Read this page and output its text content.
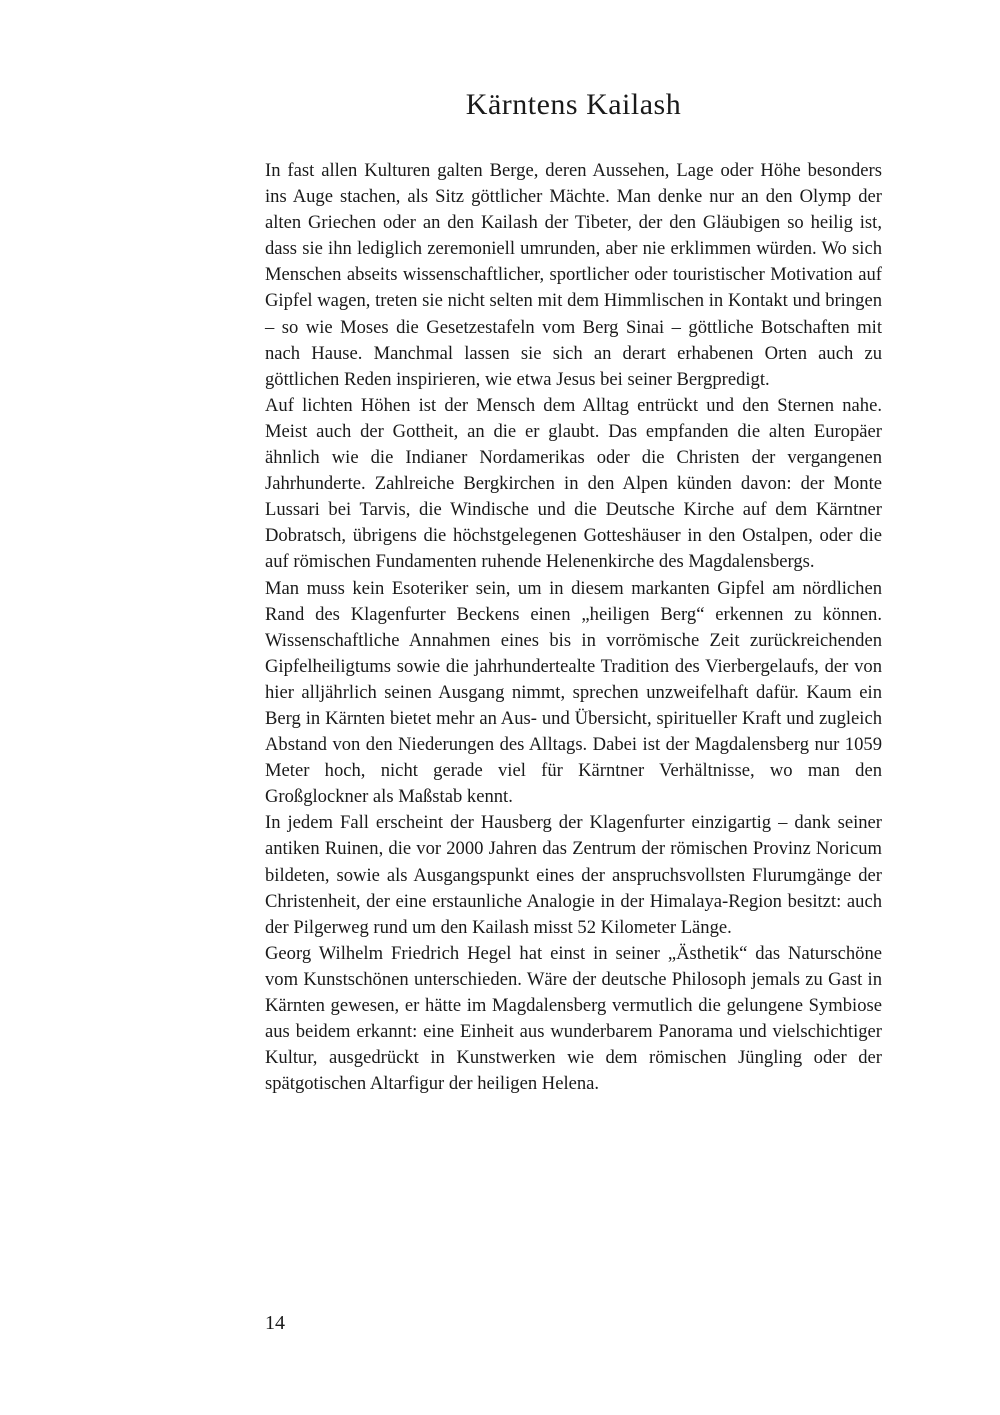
Kärntens Kailash

In fast allen Kulturen galten Berge, deren Aussehen, Lage oder Höhe besonders ins Auge stachen, als Sitz göttlicher Mächte. Man denke nur an den Olymp der alten Griechen oder an den Kailash der Tibeter, der den Gläubigen so heilig ist, dass sie ihn lediglich zeremoniell umrunden, aber nie erklimmen würden. Wo sich Menschen abseits wissenschaftlicher, sportlicher oder touristischer Motivation auf Gipfel wagen, treten sie nicht selten mit dem Himmlischen in Kontakt und bringen – so wie Moses die Gesetzestafeln vom Berg Sinai – göttliche Botschaften mit nach Hause. Manchmal lassen sie sich an derart erhabenen Orten auch zu göttlichen Reden inspirieren, wie etwa Jesus bei seiner Bergpredigt.

Auf lichten Höhen ist der Mensch dem Alltag entrückt und den Sternen nahe. Meist auch der Gottheit, an die er glaubt. Das empfanden die alten Europäer ähnlich wie die Indianer Nordamerikas oder die Christen der vergangenen Jahrhunderte. Zahlreiche Bergkirchen in den Alpen künden davon: der Monte Lussari bei Tarvis, die Windische und die Deutsche Kirche auf dem Kärntner Dobratsch, übrigens die höchstgelegenen Gotteshäuser in den Ostalpen, oder die auf römischen Fundamenten ruhende Helenenkirche des Magdalensbergs.

Man muss kein Esoteriker sein, um in diesem markanten Gipfel am nördlichen Rand des Klagenfurter Beckens einen „heiligen Berg“ erkennen zu können. Wissenschaftliche Annahmen eines bis in vorrömische Zeit zurückreichenden Gipfelheiligtums sowie die jahrhundertealte Tradition des Vierbergelaufs, der von hier alljährlich seinen Ausgang nimmt, sprechen unzweifelhaft dafür. Kaum ein Berg in Kärnten bietet mehr an Aus- und Übersicht, spiritueller Kraft und zugleich Abstand von den Niederungen des Alltags. Dabei ist der Magdalensberg nur 1059 Meter hoch, nicht gerade viel für Kärntner Verhältnisse, wo man den Großglockner als Maßstab kennt.

In jedem Fall erscheint der Hausberg der Klagenfurter einzigartig – dank seiner antiken Ruinen, die vor 2000 Jahren das Zentrum der römischen Provinz Noricum bildeten, sowie als Ausgangspunkt eines der anspruchsvollsten Flurumgänge der Christenheit, der eine erstaunliche Analogie in der Himalaya-Region besitzt: auch der Pilgerweg rund um den Kailash misst 52 Kilometer Länge.

Georg Wilhelm Friedrich Hegel hat einst in seiner „Ästhetik“ das Naturschöne vom Kunstschönen unterschieden. Wäre der deutsche Philosoph jemals zu Gast in Kärnten gewesen, er hätte im Magdalensberg vermutlich die gelungene Symbiose aus beidem erkannt: eine Einheit aus wunderbarem Panorama und vielschichtiger Kultur, ausgedrückt in Kunstwerken wie dem römischen Jüngling oder der spätgotischen Altarfigur der heiligen Helena.

14
